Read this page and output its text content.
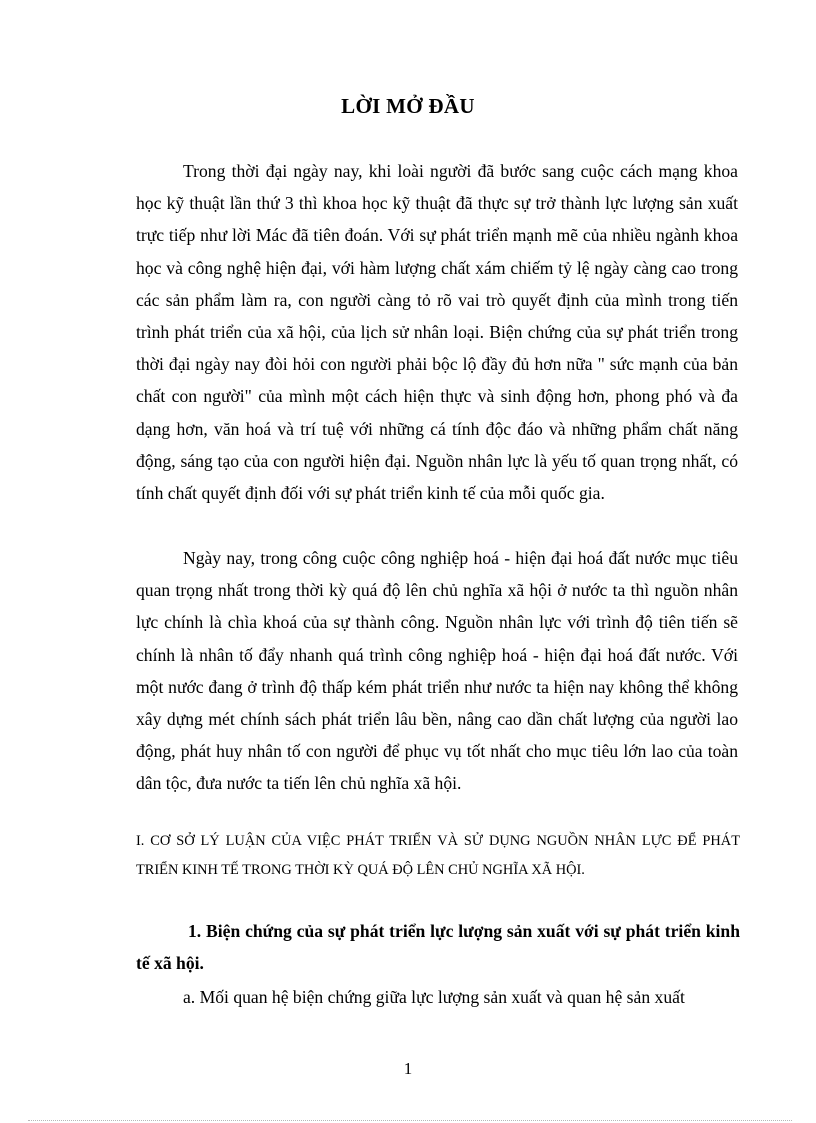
LỜI MỞ ĐẦU

Trong thời đại ngày nay, khi loài người đã bước sang cuộc cách mạng khoa học kỹ thuật lần thứ 3 thì khoa học kỹ thuật đã thực sự trở thành lực lượng sản xuất trực tiếp như lời Mác đã tiên đoán. Với sự phát triển mạnh mẽ của nhiều ngành khoa học và công nghệ hiện đại, với hàm lượng chất xám chiếm tỷ lệ ngày càng cao trong các sản phẩm làm ra, con người càng tỏ rõ vai trò quyết định của mình trong tiến trình phát triển của xã hội, của lịch sử nhân loại. Biện chứng của sự phát triển trong thời đại ngày nay đòi hỏi con người phải bộc lộ đầy đủ hơn nữa " sức mạnh của bản chất con người" của mình một cách hiện thực và sinh động hơn, phong phó và đa dạng hơn, văn hoá và trí tuệ với những cá tính độc đáo và những phẩm chất năng động, sáng tạo của con người hiện đại. Nguồn nhân lực là yếu tố quan trọng nhất, có tính chất quyết định đối với sự phát triển kinh tế của mỗi quốc gia.

Ngày nay, trong công cuộc công nghiệp hoá - hiện đại hoá đất nước mục tiêu quan trọng nhất trong thời kỳ quá độ lên chủ nghĩa xã hội ở nước ta thì nguồn nhân lực chính là chìa khoá của sự thành công. Nguồn nhân lực với trình độ tiên tiến sẽ chính là nhân tố đẩy nhanh quá trình công nghiệp hoá - hiện đại hoá đất nước. Với một nước đang ở trình độ thấp kém phát triển như nước ta hiện nay không thể không xây dựng mét chính sách phát triển lâu bền, nâng cao dần chất lượng của người lao động, phát huy nhân tố con người để phục vụ tốt nhất cho mục tiêu lớn lao của toàn dân tộc, đưa nước ta tiến lên chủ nghĩa xã hội.

I. CƠ SỞ LÝ LUẬN CỦA VIỆC PHÁT TRIỂN VÀ SỬ DỤNG NGUỒN NHÂN LỰC ĐỂ PHÁT TRIỂN KINH TẾ TRONG THỜI KỲ QUÁ ĐỘ LÊN CHỦ NGHĨA XÃ HỘI.

1. Biện chứng của sự phát triển lực lượng sản xuất với sự phát triển kinh tế xã hội.

a. Mối quan hệ biện chứng giữa lực lượng sản xuất và quan hệ sản xuất

1
